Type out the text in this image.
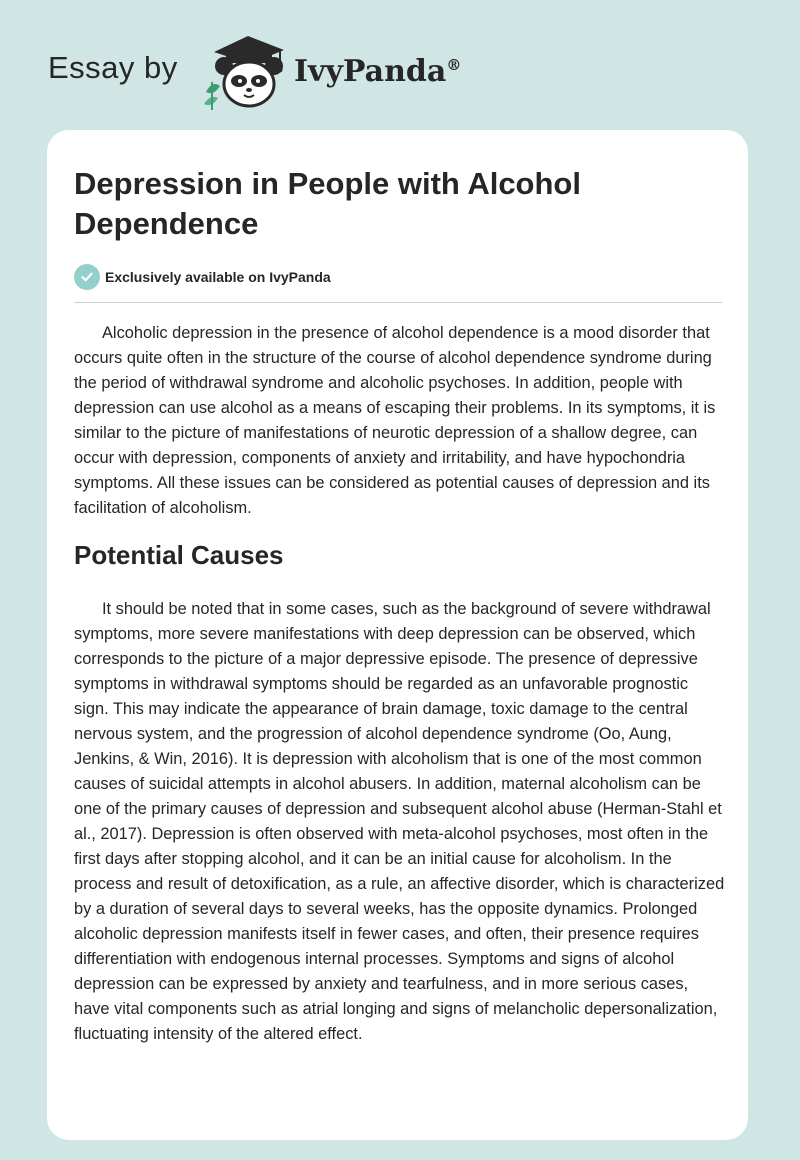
Essay by	IvyPanda®
Depression in People with Alcohol Dependence
Exclusively available on IvyPanda

Alcoholic depression in the presence of alcohol dependence is a mood disorder that occurs quite often in the structure of the course of alcohol dependence syndrome during the period of withdrawal syndrome and alcoholic psychoses. In addition, people with depression can use alcohol as a means of escaping their problems. In its symptoms, it is similar to the picture of manifestations of neurotic depression of a shallow degree, can occur with depression, components of anxiety and irritability, and have hypochondria symptoms. All these issues can be considered as potential causes of depression and its facilitation of alcoholism.

Potential Causes

It should be noted that in some cases, such as the background of severe withdrawal symptoms, more severe manifestations with deep depression can be observed, which corresponds to the picture of a major depressive episode. The presence of depressive symptoms in withdrawal symptoms should be regarded as an unfavorable prognostic sign. This may indicate the appearance of brain damage, toxic damage to the central nervous system, and the progression of alcohol dependence syndrome (Oo, Aung, Jenkins, & Win, 2016). It is depression with alcoholism that is one of the most common causes of suicidal attempts in alcohol abusers. In addition, maternal alcoholism can be one of the primary causes of depression and subsequent alcohol abuse (Herman-Stahl et al., 2017). Depression is often observed with meta-alcohol psychoses, most often in the first days after stopping alcohol, and it can be an initial cause for alcoholism. In the process and result of detoxification, as a rule, an affective disorder, which is characterized by a duration of several days to several weeks, has the opposite dynamics. Prolonged alcoholic depression manifests itself in fewer cases, and often, their presence requires differentiation with endogenous internal processes. Symptoms and signs of alcohol depression can be expressed by anxiety and tearfulness, and in more serious cases, have vital components such as atrial longing and signs of melancholic depersonalization, fluctuating intensity of the altered effect.
